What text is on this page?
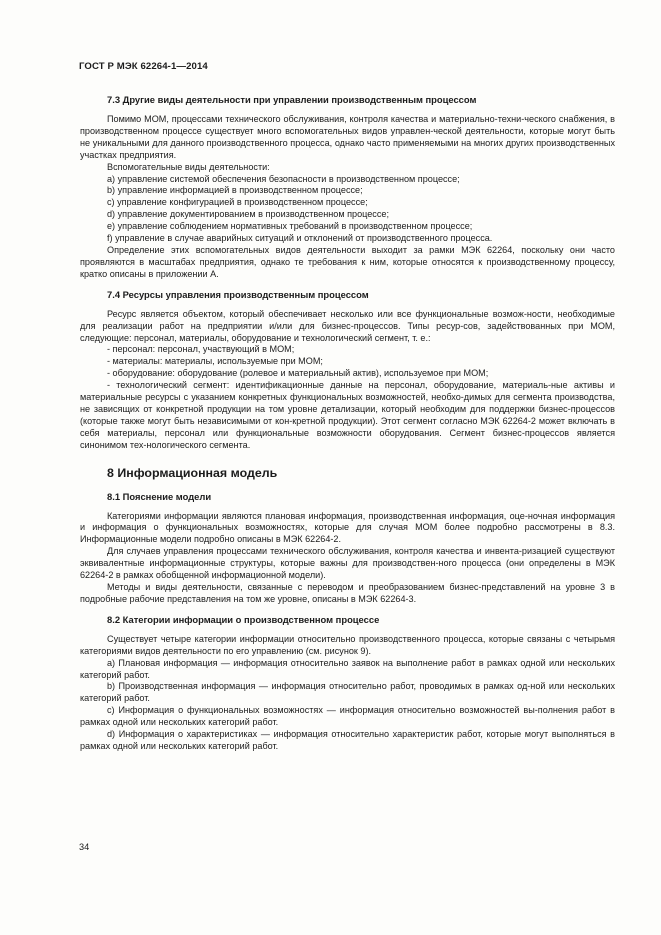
ГОСТ Р МЭК 62264-1—2014
7.3 Другие виды деятельности при управлении производственным процессом

Помимо МОМ, процессами технического обслуживания, контроля качества и материально-техни-ческого снабжения, в производственном процессе существует много вспомогательных видов управлен-ческой деятельности, которые могут быть не уникальными для данного производственного процесса, однако часто применяемыми на многих других производственных участках предприятия.

Вспомогательные виды деятельности:

a) управление системой обеспечения безопасности в производственном процессе;

b) управление информацией в производственном процессе;

c) управление конфигурацией в производственном процессе;

d) управление документированием в производственном процессе;

e) управление соблюдением нормативных требований в производственном процессе;

f) управление в случае аварийных ситуаций и отклонений от производственного процесса.

Определение этих вспомогательных видов деятельности выходит за рамки МЭК 62264, поскольку они часто проявляются в масштабах предприятия, однако те требования к ним, которые относятся к производственному процессу, кратко описаны в приложении А.

7.4 Ресурсы управления производственным процессом

Ресурс является объектом, который обеспечивает несколько или все функциональные возмож-ности, необходимые для реализации работ на предприятии и/или для бизнес-процессов. Типы ресур-сов, задействованных при МОМ, следующие: персонал, материалы, оборудование и технологический сегмент, т. е.:

- персонал: персонал, участвующий в МОМ;

- материалы: материалы, используемые при МОМ;

- оборудование: оборудование (ролевое и материальный актив), используемое при МОМ;

- технологический сегмент: идентификационные данные на персонал, оборудование, материаль-ные активы и материальные ресурсы с указанием конкретных функциональных возможностей, необхо-димых для сегмента производства, не зависящих от конкретной продукции на том уровне детализации, который необходим для поддержки бизнес-процессов (которые также могут быть независимыми от кон-кретной продукции). Этот сегмент согласно МЭК 62264-2 может включать в себя материалы, персонал или функциональные возможности оборудования. Сегмент бизнес-процессов является синонимом тех-нологического сегмента.

8 Информационная модель
8.1 Пояснение модели

Категориями информации являются плановая информация, производственная информация, оце-ночная информация и информация о функциональных возможностях, которые для случая МОМ более подробно рассмотрены в 8.3. Информационные модели подробно описаны в МЭК 62264-2.

Для случаев управления процессами технического обслуживания, контроля качества и инвента-ризацией существуют эквивалентные информационные структуры, которые важны для производствен-ного процесса (они определены в МЭК 62264-2 в рамках обобщенной информационной модели).

Методы и виды деятельности, связанные с переводом и преобразованием бизнес-представлений на уровне 3 в подробные рабочие представления на том же уровне, описаны в МЭК 62264-3.

8.2 Категории информации о производственном процессе

Существует четыре категории информации относительно производственного процесса, которые связаны с четырьмя категориями видов деятельности по его управлению (см. рисунок 9).

a) Плановая информация — информация относительно заявок на выполнение работ в рамках одной или нескольких категорий работ.

b) Производственная информация — информация относительно работ, проводимых в рамках од-ной или нескольких категорий работ.

c) Информация о функциональных возможностях — информация относительно возможностей вы-полнения работ в рамках одной или нескольких категорий работ.

d) Информация о характеристиках — информация относительно характеристик работ, которые могут выполняться в рамках одной или нескольких категорий работ.

34
